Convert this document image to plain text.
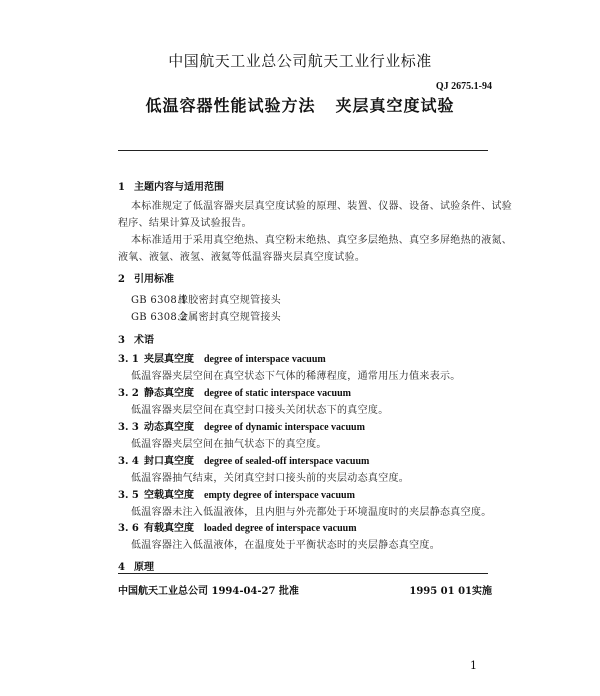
中国航天工业总公司航天工业行业标准
QJ 2675.1-94
低温容器性能试验方法 夹层真空度试验
1 主题内容与适用范围
本标准规定了低温容器夹层真空度试验的原理、装置、仪器、设备、试验条件、试验
程序、结果计算及试验报告。
本标准适用于采用真空绝热、真空粉末绝热、真空多层绝热、真空多屏绝热的液氮、
液氧、液氩、液氢、液氦等低温容器夹层真空度试验。
2 引用标准
GB 6308.1  橡胶密封真空规管接头
GB 6308.2  金属密封真空规管接头
3 术语
3. 1 夹层真空度 degree of interspace vacuum
低温容器夹层空间在真空状态下气体的稀薄程度，通常用压力值来表示。
3. 2 静态真空度 degree of static interspace vacuum
低温容器夹层空间在真空封口接头关闭状态下的真空度。
3. 3 动态真空度 degree of dynamic interspace vacuum
低温容器夹层空间在抽气状态下的真空度。
3. 4 封口真空度 degree of sealed-off interspace vacuum
低温容器抽气结束，关闭真空封口接头前的夹层动态真空度。
3. 5 空载真空度 empty degree of interspace vacuum
低温容器未注入低温液体，且内胆与外壳都处于环境温度时的夹层静态真空度。
3. 6 有载真空度 loaded degree of interspace vacuum
低温容器注入低温液体，在温度处于平衡状态时的夹层静态真空度。
4 原理
中国航天工业总公司 1994-04-27 批准	1995 01 01实施
1
